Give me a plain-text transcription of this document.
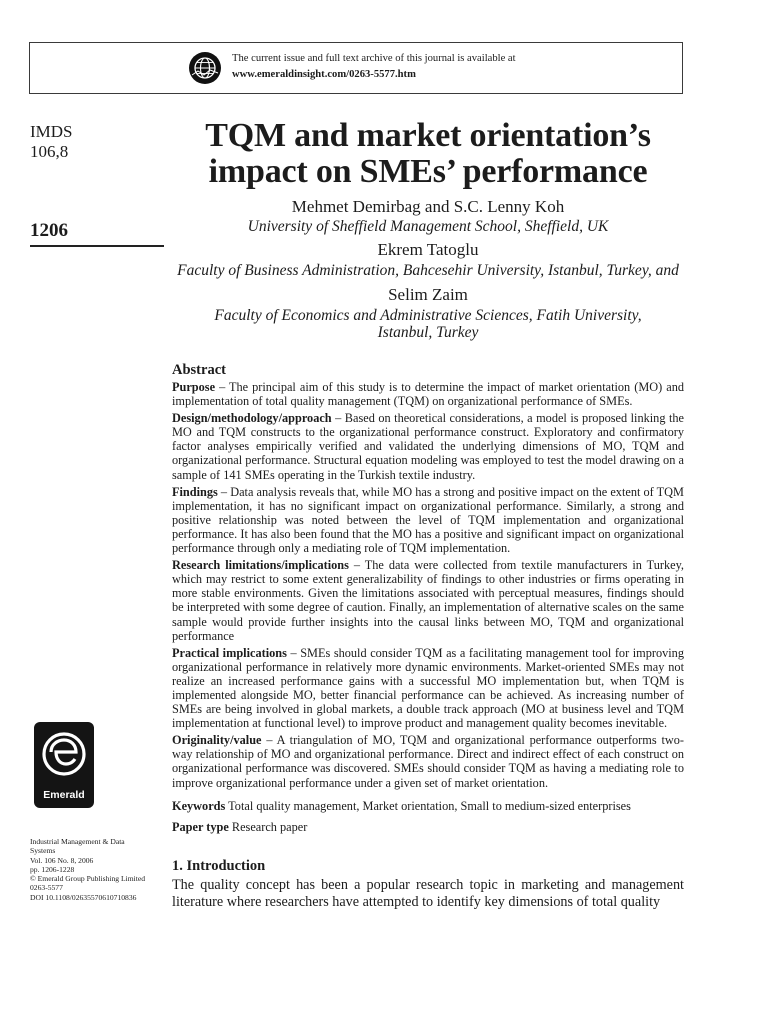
The current issue and full text archive of this journal is available at
www.emeraldinsight.com/0263-5577.htm
IMDS
106,8
1206
TQM and market orientation’s
impact on SMEs’ performance
Mehmet Demirbag and S.C. Lenny Koh
University of Sheffield Management School, Sheffield, UK
Ekrem Tatoglu
Faculty of Business Administration, Bahcesehir University, Istanbul, Turkey, and
Selim Zaim
Faculty of Economics and Administrative Sciences, Fatih University,
Istanbul, Turkey
Abstract

Purpose – The principal aim of this study is to determine the impact of market orientation (MO) and implementation of total quality management (TQM) on organizational performance of SMEs.

Design/methodology/approach – Based on theoretical considerations, a model is proposed linking the MO and TQM constructs to the organizational performance construct. Exploratory and confirmatory factor analyses empirically verified and validated the underlying dimensions of MO, TQM and organizational performance. Structural equation modeling was employed to test the model drawing on a sample of 141 SMEs operating in the Turkish textile industry.

Findings – Data analysis reveals that, while MO has a strong and positive impact on the extent of TQM implementation, it has no significant impact on organizational performance. Similarly, a strong and positive relationship was noted between the level of TQM implementation and organizational performance. It has also been found that the MO has a positive and significant impact on organizational performance through only a mediating role of TQM implementation.

Research limitations/implications – The data were collected from textile manufacturers in Turkey, which may restrict to some extent generalizability of findings to other industries or firms operating in more stable environments. Given the limitations associated with perceptual measures, findings should be interpreted with some degree of caution. Finally, an implementation of alternative scales on the same sample would provide further insights into the causal links between MO, TQM and organizational performance

Practical implications – SMEs should consider TQM as a facilitating management tool for improving organizational performance in relatively more dynamic environments. Market-oriented SMEs may not realize an increased performance gains with a successful MO implementation but, when TQM is implemented alongside MO, better financial performance can be achieved. As increasing number of SMEs are being involved in global markets, a double track approach (MO at business level and TQM implementation at functional level) to improve product and management quality becomes inevitable.

Originality/value – A triangulation of MO, TQM and organizational performance outperforms two-way relationship of MO and organizational performance. Direct and indirect effect of each construct on organizational performance was discovered. SMEs should consider TQM as having a mediating role to improve organizational performance under a given set of market orientation.

Keywords Total quality management, Market orientation, Small to medium-sized enterprises
Paper type Research paper
1. Introduction
The quality concept has been a popular research topic in marketing and management literature where researchers have attempted to identify key dimensions of total quality
Emerald
Industrial Management & Data
Systems
Vol. 106 No. 8, 2006
pp. 1206-1228
© Emerald Group Publishing Limited
0263-5577
DOI 10.1108/02635570610710836
